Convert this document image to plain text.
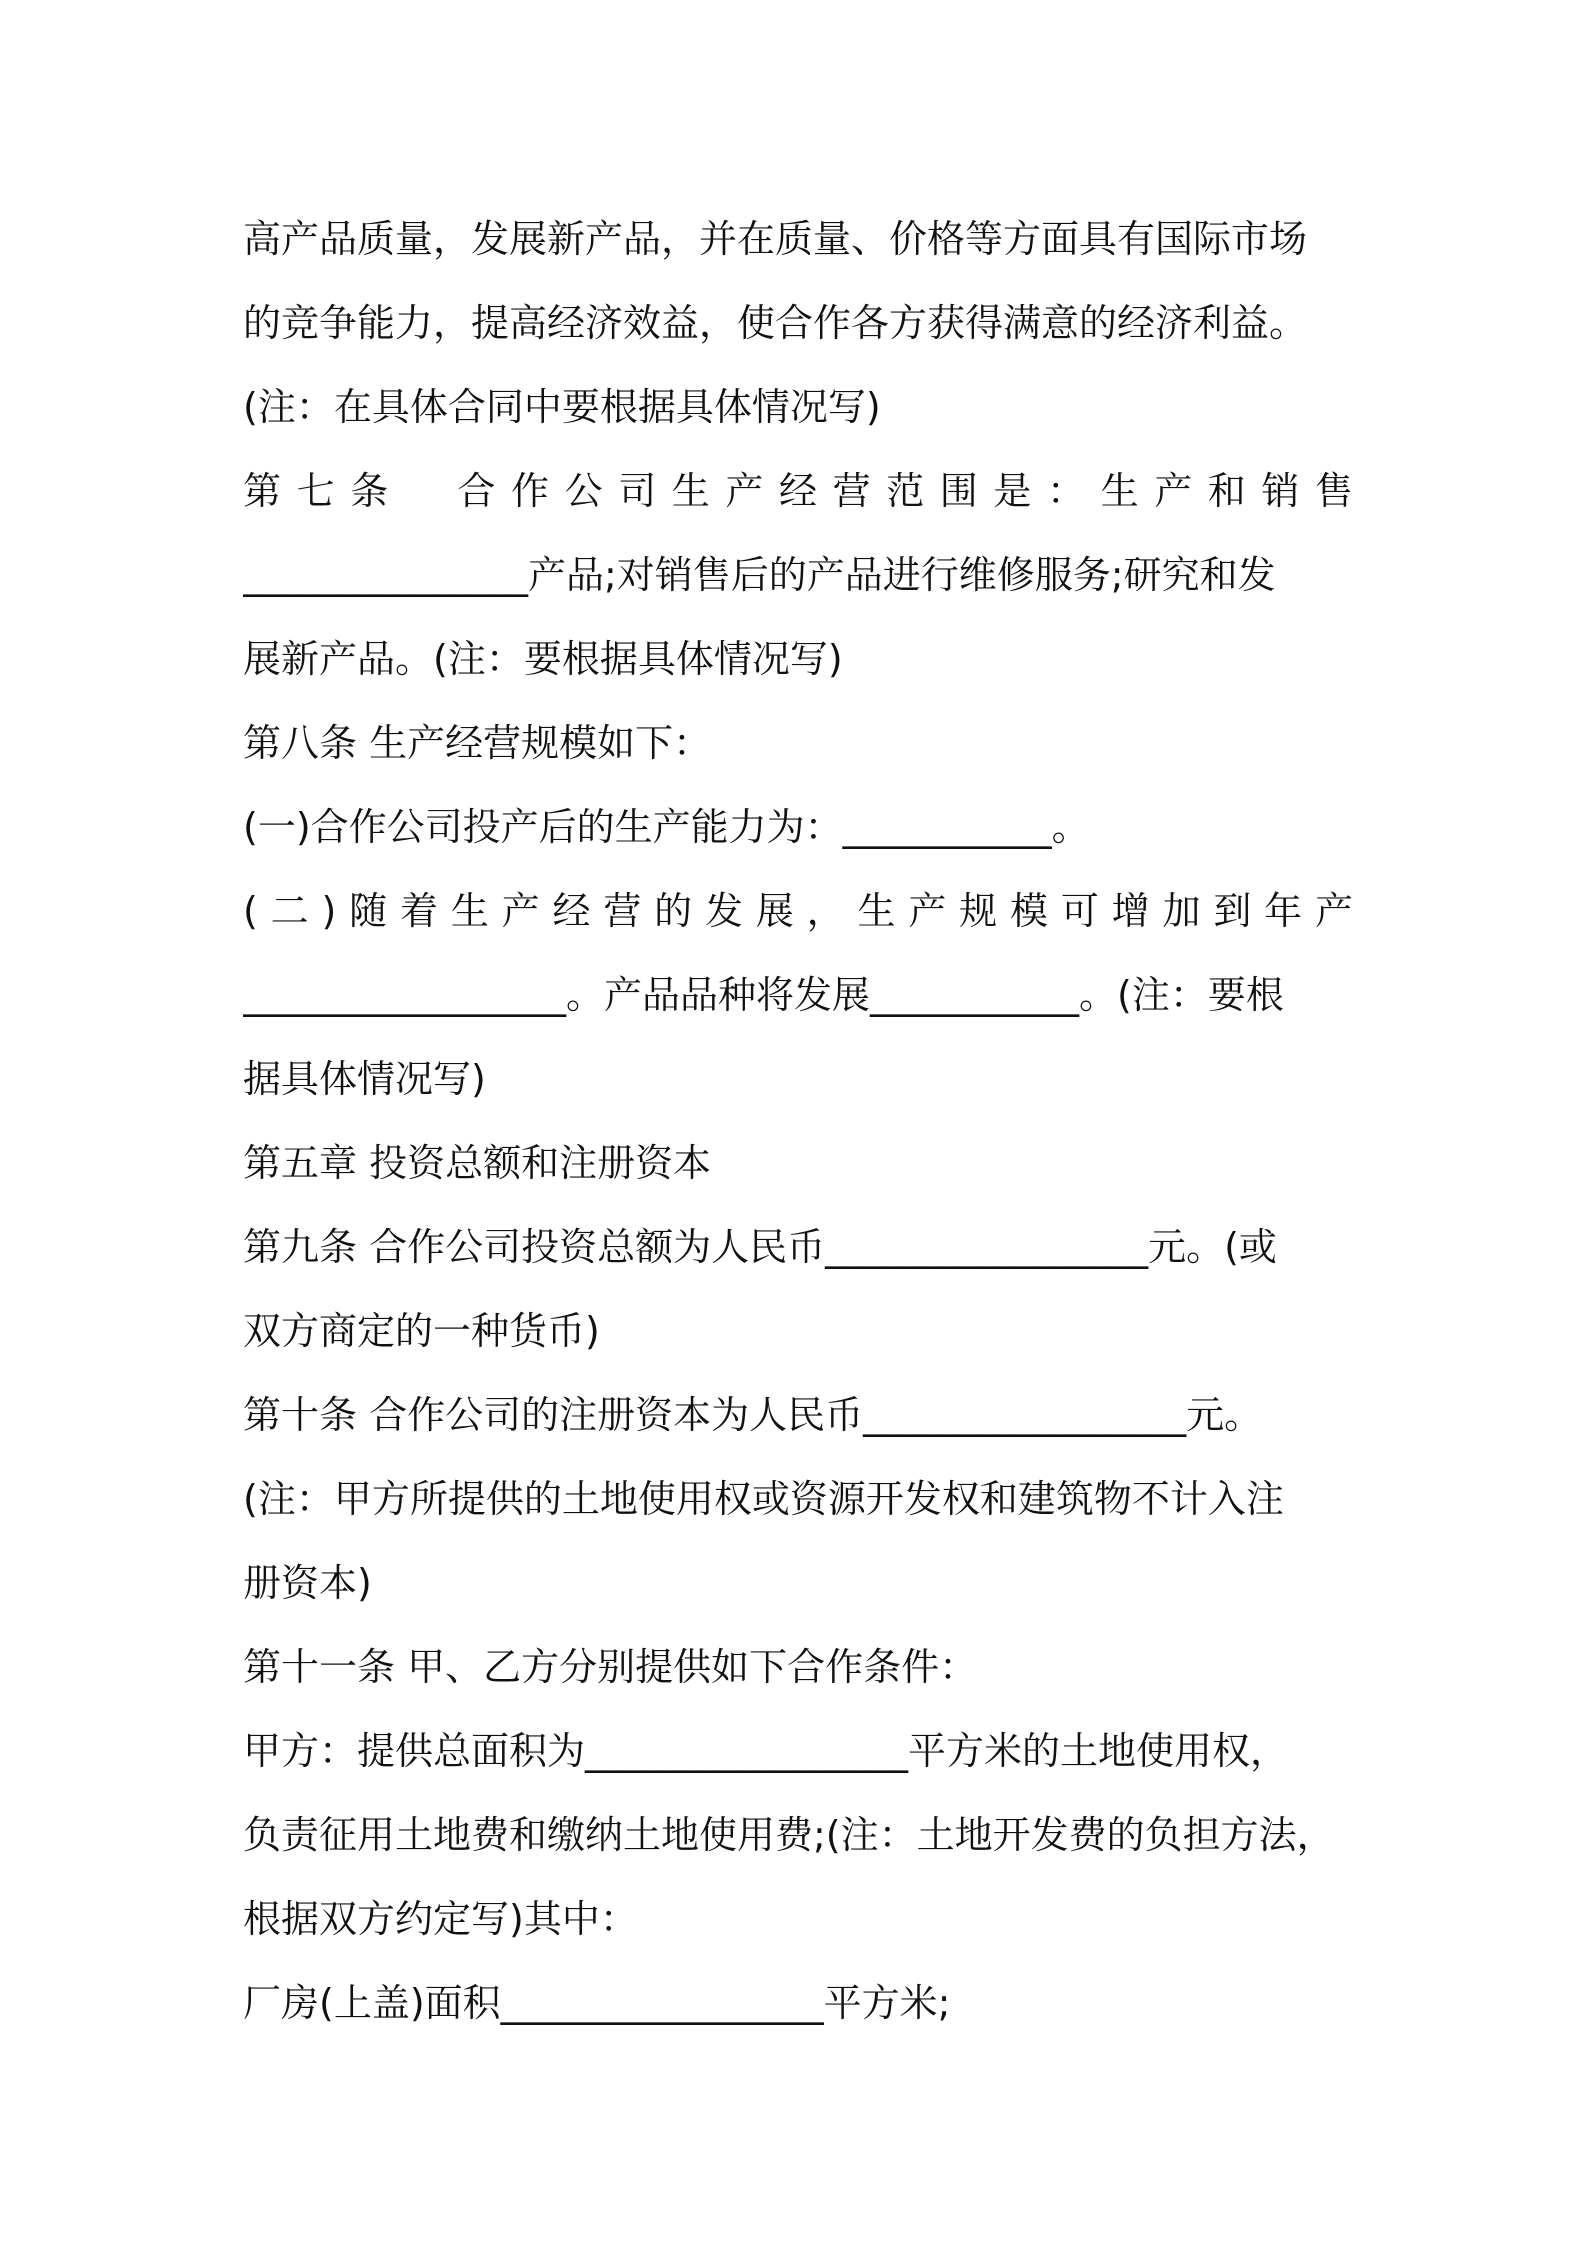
高产品质量，发展新产品，并在质量、价格等方面具有国际市场
的竞争能力，提高经济效益，使合作各方获得满意的经济利益。
(注：在具体合同中要根据具体情况写)
第七条　合作公司生产经营范围是：生产和销售
_______________产品;对销售后的产品进行维修服务;研究和发
展新产品。(注：要根据具体情况写)
第八条 生产经营规模如下：
(一)合作公司投产后的生产能力为：___________。
(二)随着生产经营的发展，生产规模可增加到年产
_________________。产品品种将发展___________。(注：要根
据具体情况写)
第五章 投资总额和注册资本
第九条 合作公司投资总额为人民币_________________元。(或
双方商定的一种货币)
第十条 合作公司的注册资本为人民币_________________元。
(注：甲方所提供的土地使用权或资源开发权和建筑物不计入注
册资本)
第十一条 甲、乙方分别提供如下合作条件：
甲方：提供总面积为_________________平方米的土地使用权，
负责征用土地费和缴纳土地使用费;(注：土地开发费的负担方法，
根据双方约定写)其中：
厂房(上盖)面积_________________平方米;
